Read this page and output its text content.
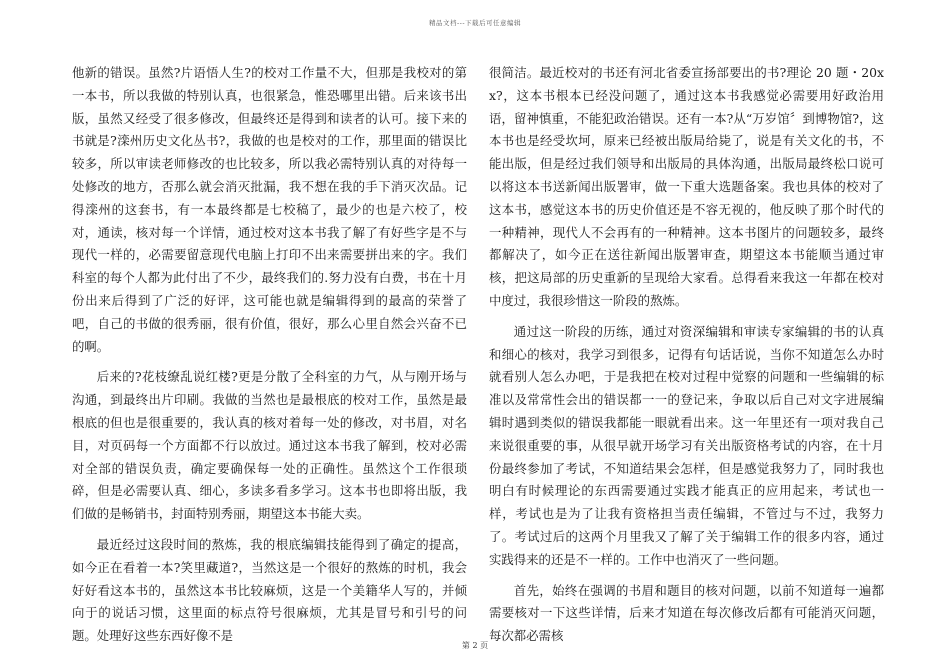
精品文档---下载后可任意编辑

他新的错误。虽然?片语悟人生?的校对工作量不大，但那是我校对的第一本书，所以我做的特别认真，也很紧急，惟恐哪里出错。后来该书出版，虽然又经受了很多修改，但最终还是得到和读者的认可。接下来的书就是?滦州历史文化丛书?，我做的也是校对的工作，那里面的错误比较多，所以审读老师修改的也比较多，所以我必需特别认真的对待每一处修改的地方，否那么就会消灭批漏，我不想在我的手下消灭次品。记得滦州的这套书，有一本最终都是七校稿了，最少的也是六校了，校对，通读，核对每一个详情，通过校对这本书我了解了有好些字是不与现代一样的，必需要留意现代电脑上打印不出来需要拼出来的字。我们科室的每个人都为此付出了不少，最终我们的.努力没有白费，书在十月份出来后得到了广泛的好评，这可能也就是编辑得到的最高的荣誉了吧，自己的书做的很秀丽，很有价值，很好，那么心里自然会兴奋不已的啊。

后来的?花枝缭乱说红楼?更是分散了全科室的力气，从与刚开场与沟通，到最终出片印刷。我做的当然也是最根底的校对工作，虽然是最根底的但也是很重要的，我认真的核对着每一处的修改，对书眉，对名目，对页码每一个方面都不行以放过。通过这本书我了解到，校对必需对全部的错误负责，确定要确保每一处的正确性。虽然这个工作很琐碎，但是必需要认真、细心，多读多看多学习。这本书也即将出版，我们做的是畅销书，封面特别秀丽，期望这本书能大卖。

最近经过这段时间的熬炼，我的根底编辑技能得到了确定的提高，如今正在看着一本?笑里藏道?，当然这是一个很好的熬炼的时机，我会好好看这本书的，虽然这本书比较麻烦，这是一个美籍华人写的，并倾向于的说话习惯，这里面的标点符号很麻烦，尤其是冒号和引号的问题。处理好这些东西好像不是

很简洁。最近校对的书还有河北省委宣扬部要出的书?理论 20 题・20xx?，这本书根本已经没问题了，通过这本书我感觉必需要用好政治用语，留神慎重，不能犯政治错误。还有一本?从“万岁馆〞到博物馆?，这本书也是经受坎坷，原来已经被出版局给毙了，说是有关文化的书，不能出版，但是经过我们领导和出版局的具体沟通，出版局最终松口说可以将这本书送新闻出版署审，做一下重大选题备案。我也具体的校对了这本书，感觉这本书的历史价值还是不容无视的，他反映了那个时代的一种精神，现代人不会再有的一种精神。这本书图片的问题较多，最终都解决了，如今正在送往新闻出版署审查，期望这本书能顺当通过审核，把这局部的历史重新的呈现给大家看。总得看来我这一年都在校对中度过，我很珍惜这一阶段的熬炼。

通过这一阶段的历练，通过对资深编辑和审读专家编辑的书的认真和细心的核对，我学习到很多，记得有句话话说，当你不知道怎么办时就看别人怎么办吧，于是我把在校对过程中觉察的问题和一些编辑的标准以及常常性会出的错误都一一的登记来，争取以后自己对文字进展编辑时遇到类似的错误我都能一眼就看出来。这一年里还有一项对我自己来说很重要的事，从很早就开场学习有关出版资格考试的内容，在十月份最终参加了考试，不知道结果会怎样，但是感觉我努力了，同时我也明白有时候理论的东西需要通过实践才能真正的应用起来，考试也一样，考试也是为了让我有资格担当责任编辑，不管过与不过，我努力了。考试过后的这两个月里我又了解了关于编辑工作的很多内容，通过实践得来的还是不一样的。工作中也消灭了一些问题。

首先，始终在强调的书眉和题目的核对问题，以前不知道每一遍都需要核对一下这些详情，后来才知道在每次修改后都有可能消灭问题，每次都必需核

第 2 页
